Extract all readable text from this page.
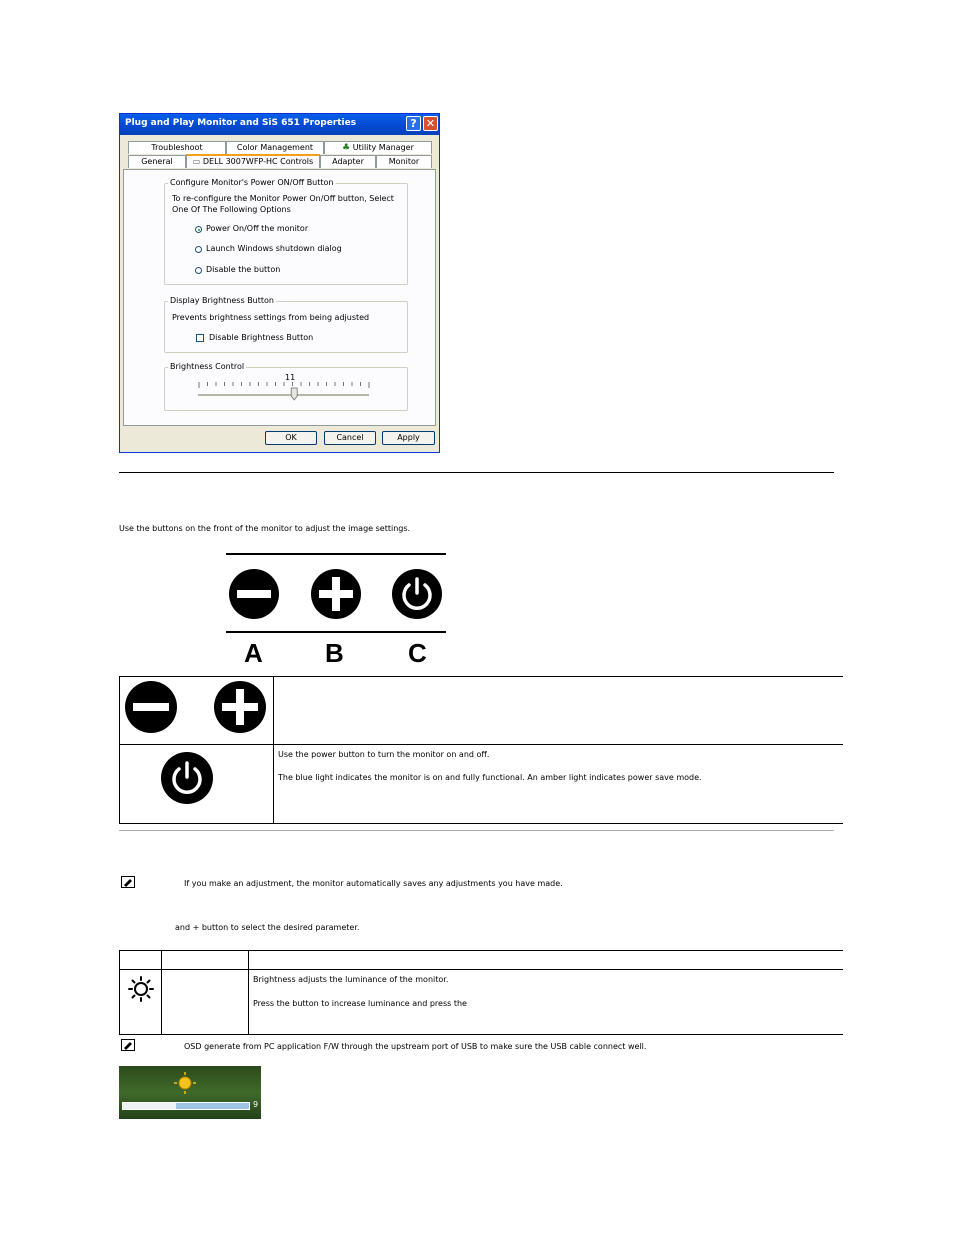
Plug and Play Monitor and SiS 651 Properties	? ✕
Troubleshoot	Color Management	♣ Utility Manager
General	▭ DELL 3007WFP-HC Controls	Adapter	Monitor
Configure Monitor's Power ON/Off Button
To re-configure the Monitor Power On/Off button, Select
One Of The Following Options
Power On/Off the monitor
Launch Windows shutdown dialog
Disable the button
Display Brightness Button
Prevents brightness settings from being adjusted
Disable Brightness Button
Brightness Control
11
OK	Cancel	Apply

Use the buttons on the front of the monitor to adjust the image settings.

A B C
Use the power button to turn the monitor on and off.
The blue light indicates the monitor is on and fully functional. An amber light indicates power save mode.
If you make an adjustment, the monitor automatically saves any adjustments you have made.
and + button to select the desired parameter.
Brightness adjusts the luminance of the monitor.
Press the button to increase luminance and press the
OSD generate from PC application F/W through the upstream port of USB to make sure the USB cable connect well.
9
